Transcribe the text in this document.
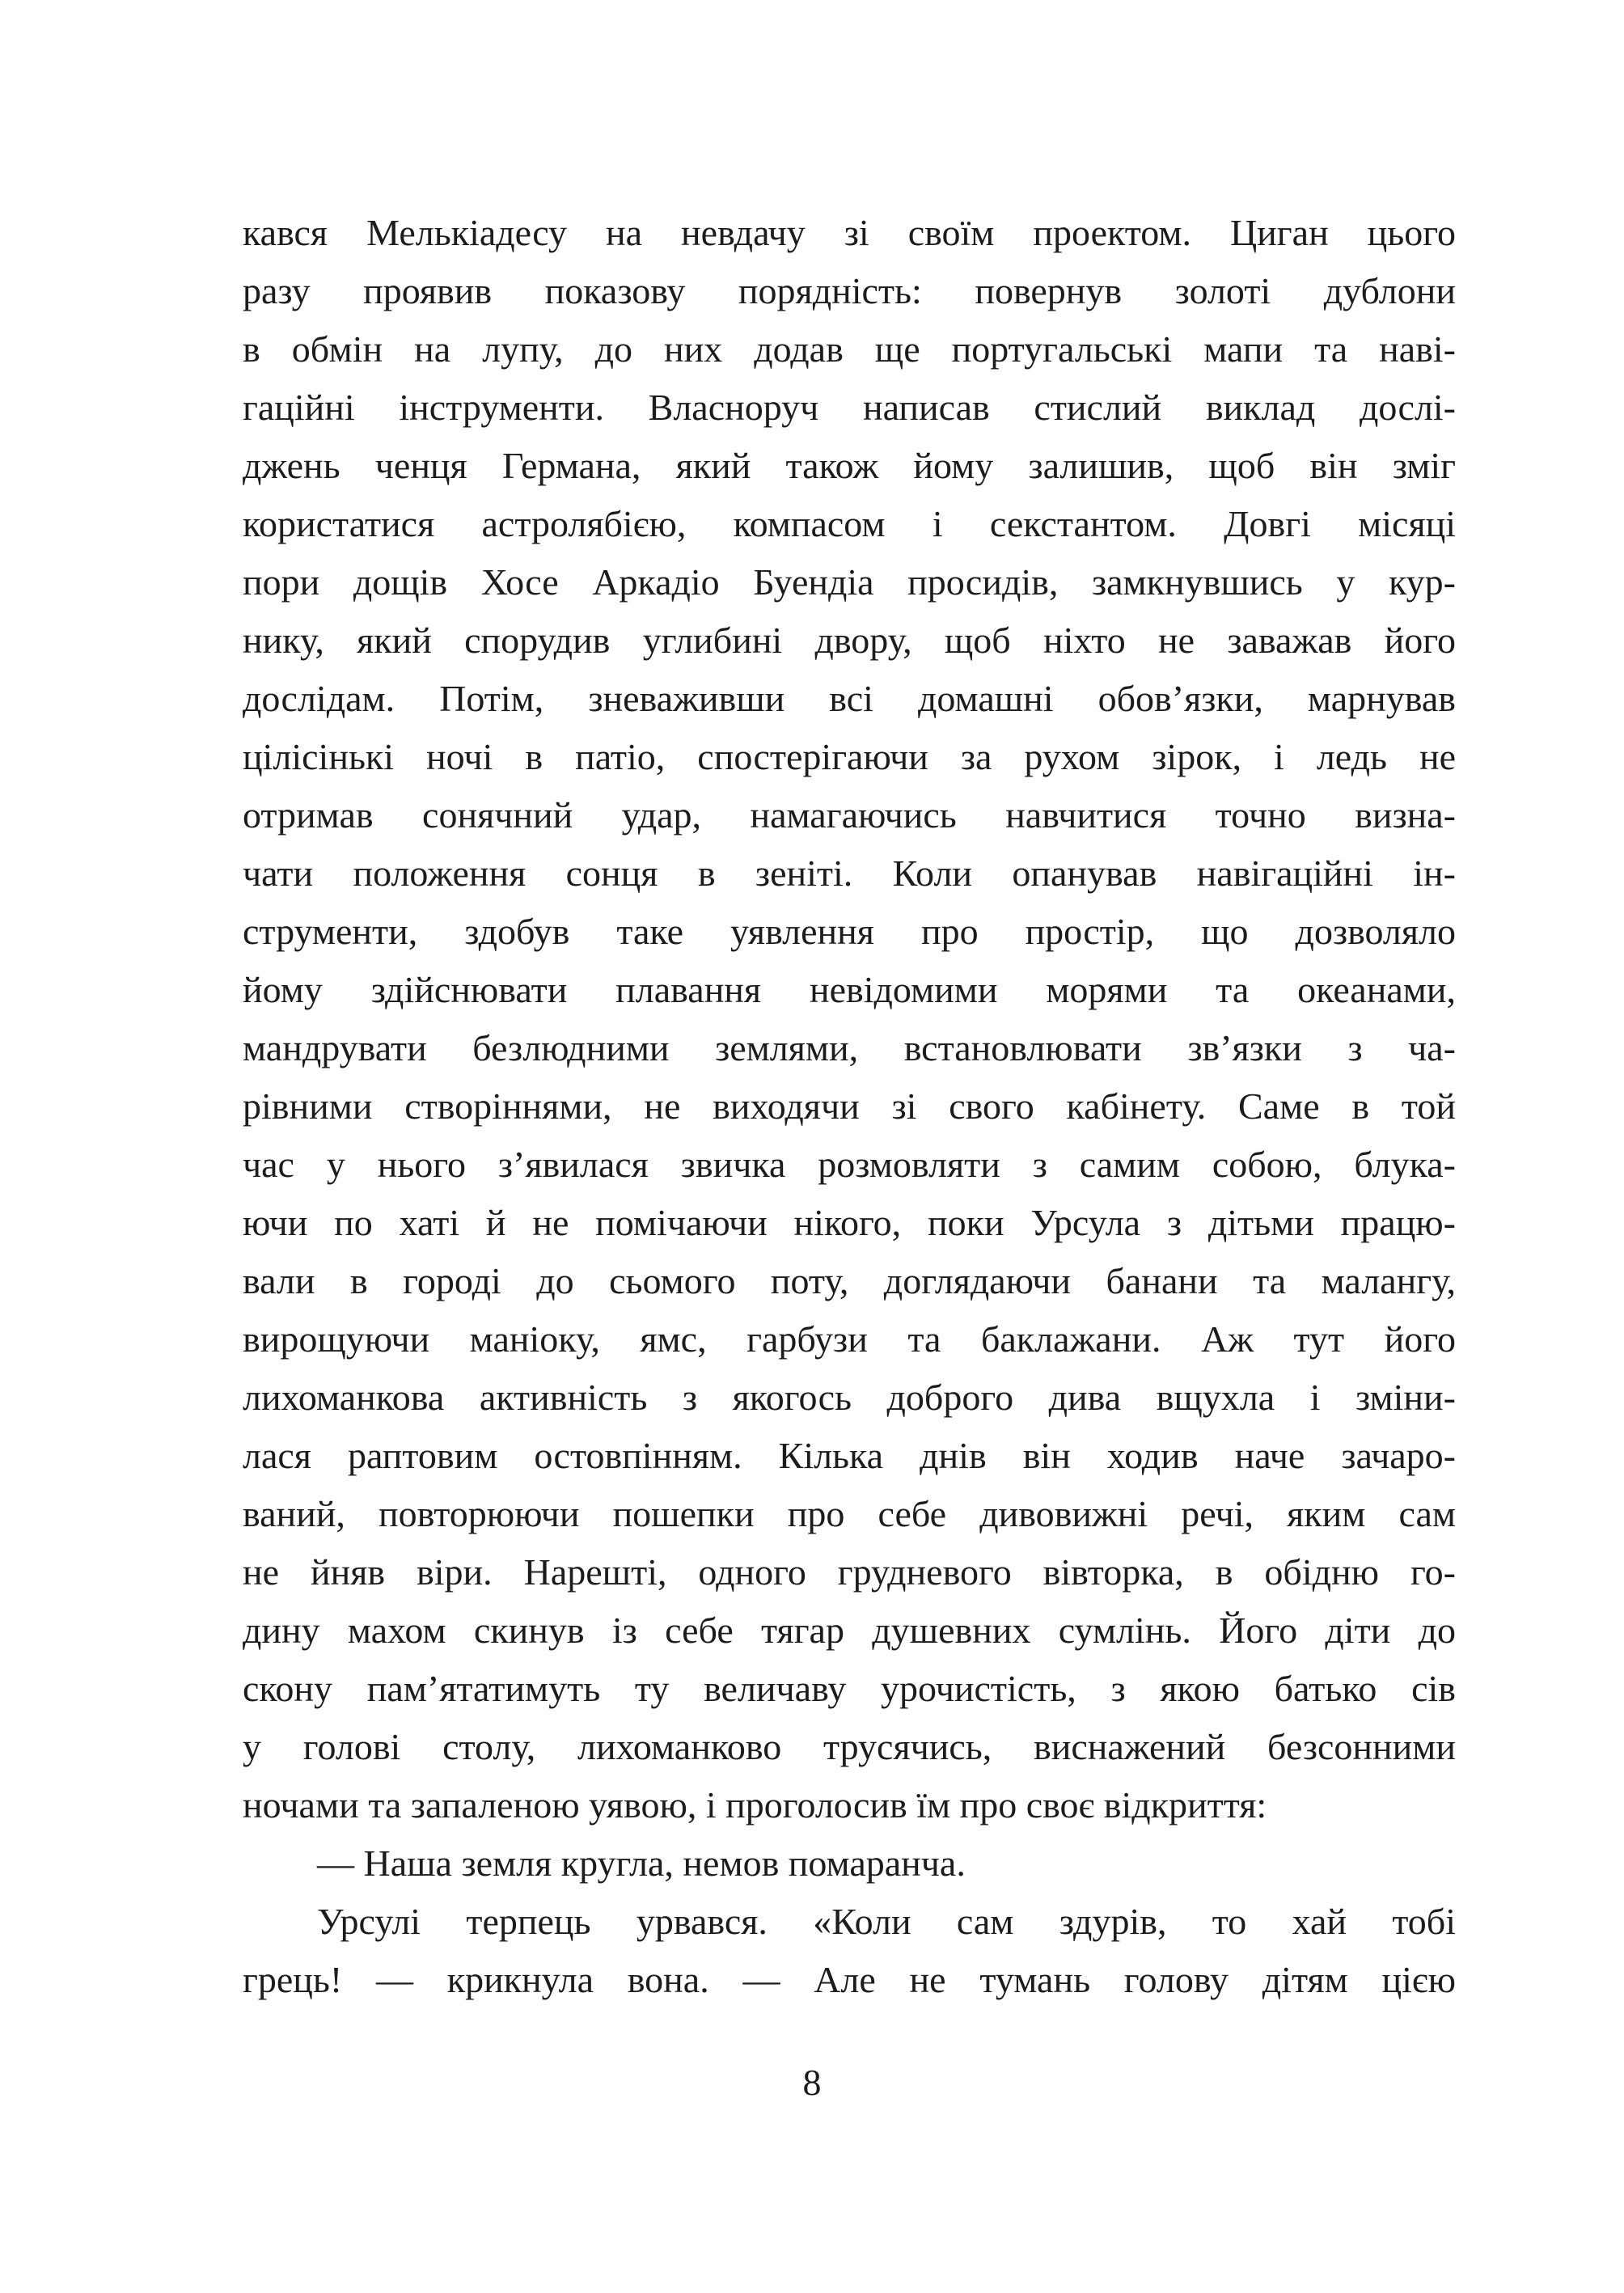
кався Мелькіадесу на невдачу зі своїм проектом. Циган цього
разу проявив показову порядність: повернув золоті дублони
в обмін на лупу, до них додав ще португальські мапи та наві-
гаційні інструменти. Власноруч написав стислий виклад дослі-
джень ченця Германа, який також йому залишив, щоб він зміг
користатися астролябією, компасом і секстантом. Довгі місяці
пори дощів Хосе Аркадіо Буендіа просидів, замкнувшись у кур-
нику, який спорудив углибині двору, щоб ніхто не заважав його
дослідам. Потім, зневаживши всі домашні обов’язки, марнував
цілісінькі ночі в патіо, спостерігаючи за рухом зірок, і ледь не
отримав сонячний удар, намагаючись навчитися точно визна-
чати положення сонця в зеніті. Коли опанував навігаційні ін-
струменти, здобув таке уявлення про простір, що дозволяло
йому здійснювати плавання невідомими морями та океанами,
мандрувати безлюдними землями, встановлювати зв’язки з ча-
рівними створіннями, не виходячи зі свого кабінету. Саме в той
час у нього з’явилася звичка розмовляти з самим собою, блука-
ючи по хаті й не помічаючи нікого, поки Урсула з дітьми працю-
вали в городі до сьомого поту, доглядаючи банани та малангу,
вирощуючи маніоку, ямс, гарбузи та баклажани. Аж тут його
лихоманкова активність з якогось доброго дива вщухла і зміни-
лася раптовим остовпінням. Кілька днів він ходив наче зачаро-
ваний, повторюючи пошепки про себе дивовижні речі, яким сам
не йняв віри. Нарешті, одного грудневого вівторка, в обідню го-
дину махом скинув із себе тягар душевних сумлінь. Його діти до
скону пам’ятатимуть ту величаву урочистість, з якою батько сів
у голові столу, лихоманково трусячись, виснажений безсонними
ночами та запаленою уявою, і проголосив їм про своє відкриття:
— Наша земля кругла, немов помаранча.
Урсулі терпець урвався. «Коли сам здурів, то хай тобі
грець! — крикнула вона. — Але не тумань голову дітям цією
8
